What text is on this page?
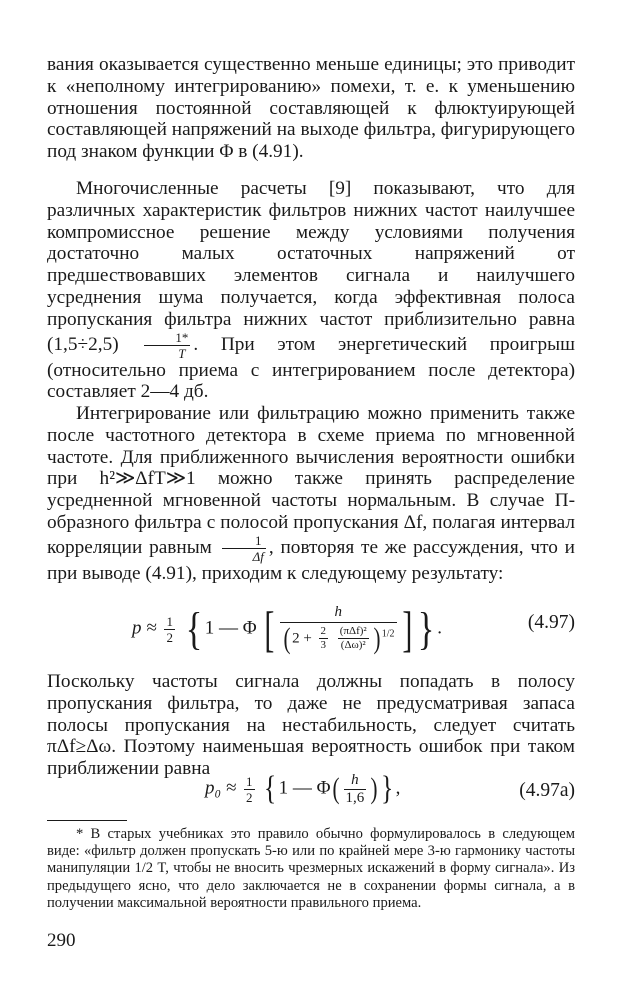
вания оказывается существенно меньше единицы; это приводит к «неполному интегрированию» помехи, т. е. к уменьшению отношения постоянной составляющей к флюктуирующей составляющей напряжений на выходе фильтра, фигурирующего под знаком функции Φ в (4.91).

Многочисленные расчеты [9] показывают, что для различных характеристик фильтров нижних частот наилучшее компромиссное решение между условиями получения достаточно малых остаточных напряжений от предшествовавших элементов сигнала и наилучшего усреднения шума получается, когда эффективная полоса пропускания фильтра нижних частот приблизительно равна $(1,5\div 2,5) \frac{1*}{T}$ . При этом энергетический проигрыш (относительно приема с интегрированием после детектора) составляет 2—4 дб.

Интегрирование или фильтрацию можно применить также после частотного детектора в схеме приема по мгновенной частоте. Для приближенного вычисления вероятности ошибки при h²≫ΔfT≫1 можно также принять распределение усредненной мгновенной частоты нормальным. В случае П-образного фильтра с полосой пропускания Δf, полагая интервал корреляции равным $\frac{1}{\Delta f}$ , повторяя те же рассуждения, что и при выводе (4.91), приходим к следующему результату:

$p \approx \frac{1}{2}$ { 1 — Φ [ h
( $2 + \frac{2}{3}$
$\frac{\text{(πΔf)²}}{\text{(Δω)²}}$ ) $^{1/2}$ ] } .	(4.97)

Поскольку частоты сигнала должны попадать в полосу пропускания фильтра, то даже не предусматривая запаса полосы пропускания на нестабильность, следует считать πΔf≥Δω. Поэтому наименьшая вероятность ошибок при таком приближении равна

$p_0 \approx \frac{1}{2}$ { 1 — $\Phi( \frac{h}{1,6}$ ) } ,	(4.97a)

* В старых учебниках это правило обычно формулировалось в следующем виде: «фильтр должен пропускать 5-ю или по крайней мере 3-ю гармонику частоты манипуляции 1/2 T, чтобы не вносить чрезмерных искажений в форму сигнала». Из предыдущего ясно, что дело заключается не в сохранении формы сигнала, а в получении максимальной вероятности правильного приема.

290
